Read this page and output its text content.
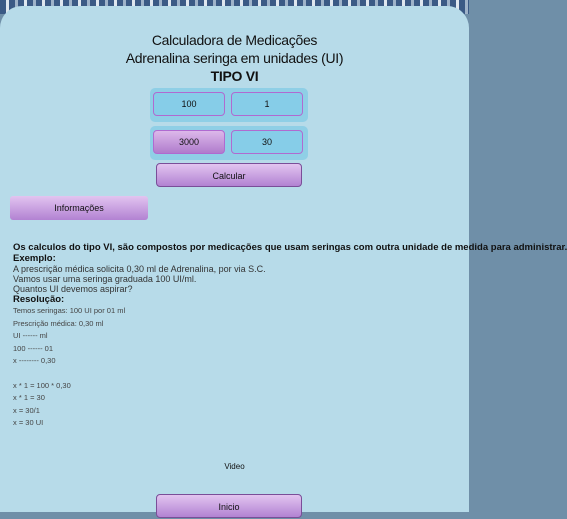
Calculadora de Medicações
Adrenalina seringa em unidades (UI)
TIPO VI
100	1
3000	30
Calcular
Informações
Os calculos do tipo VI, são compostos por medicações que usam seringas com outra unidade de medida para administrar.
Exemplo:
A prescrição médica solicita 0,30 ml de Adrenalina, por via S.C.
Vamos usar uma seringa graduada 100 UI/ml.
Quantos UI devemos aspirar?
Resolução:
Temos seringas: 100 UI por 01 ml
Prescrição médica: 0,30 ml
UI ------ ml
100 ------ 01
x -------- 0,30
x * 1 = 100 * 0,30
x * 1 = 30
x = 30/1
x = 30 UI
Video
Inicio
